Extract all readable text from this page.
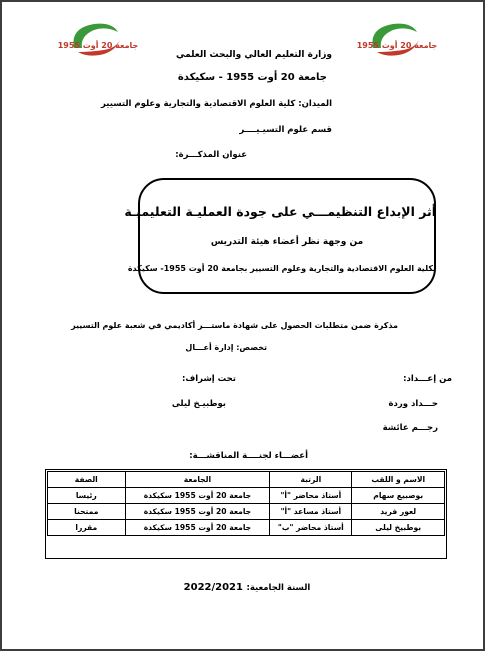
جامعة 20 أوت 1955	جامعة 20 أوت 1955
وزارة التعليم العالي والبحث العلمي
جامعة 20 أوت 1955 - سكيكدة
الميدان: كلية العلوم الاقتصادية والتجارية وعلوم التسيير
قسم علوم التسيـيــــر
عنوان المذكـــرة:
أثر الإبداع التنظيمـــي على جودة العمليـة التعليميـة
من وجهة نظر أعضاء هيئة التدريس
بكلية العلوم الاقتصادية والتجارية وعلوم التسيير بجامعة 20 أوت 1955- سكيكدة
مذكرة ضمن متطلبات الحصول على شهادة ماستـــر أكاديمي في شعبة علوم التسيير
تخصص: إدارة أعـــال
من إعـــداد:
تحت إشراف:
حـــداد وردة
بوطبيـخ ليلى
رجـــم عائشة
أعضـــاء لجنــــة المناقشـــة:
الاسم و اللقب	الرتبة	الجامعة	الصفة
بوصبيع سهام	أستاذ محاضر "أ"	جامعة 20 أوت 1955 سكيكدة	رئيسا
لعور فريد	أستاذ مساعد "أ"	جامعة 20 أوت 1955 سكيكدة	ممتحنا
بوطبيخ ليلى	أستاذ محاضر "ب"	جامعة 20 أوت 1955 سكيكدة	مقررا
السنة الجامعية: 2022/2021
